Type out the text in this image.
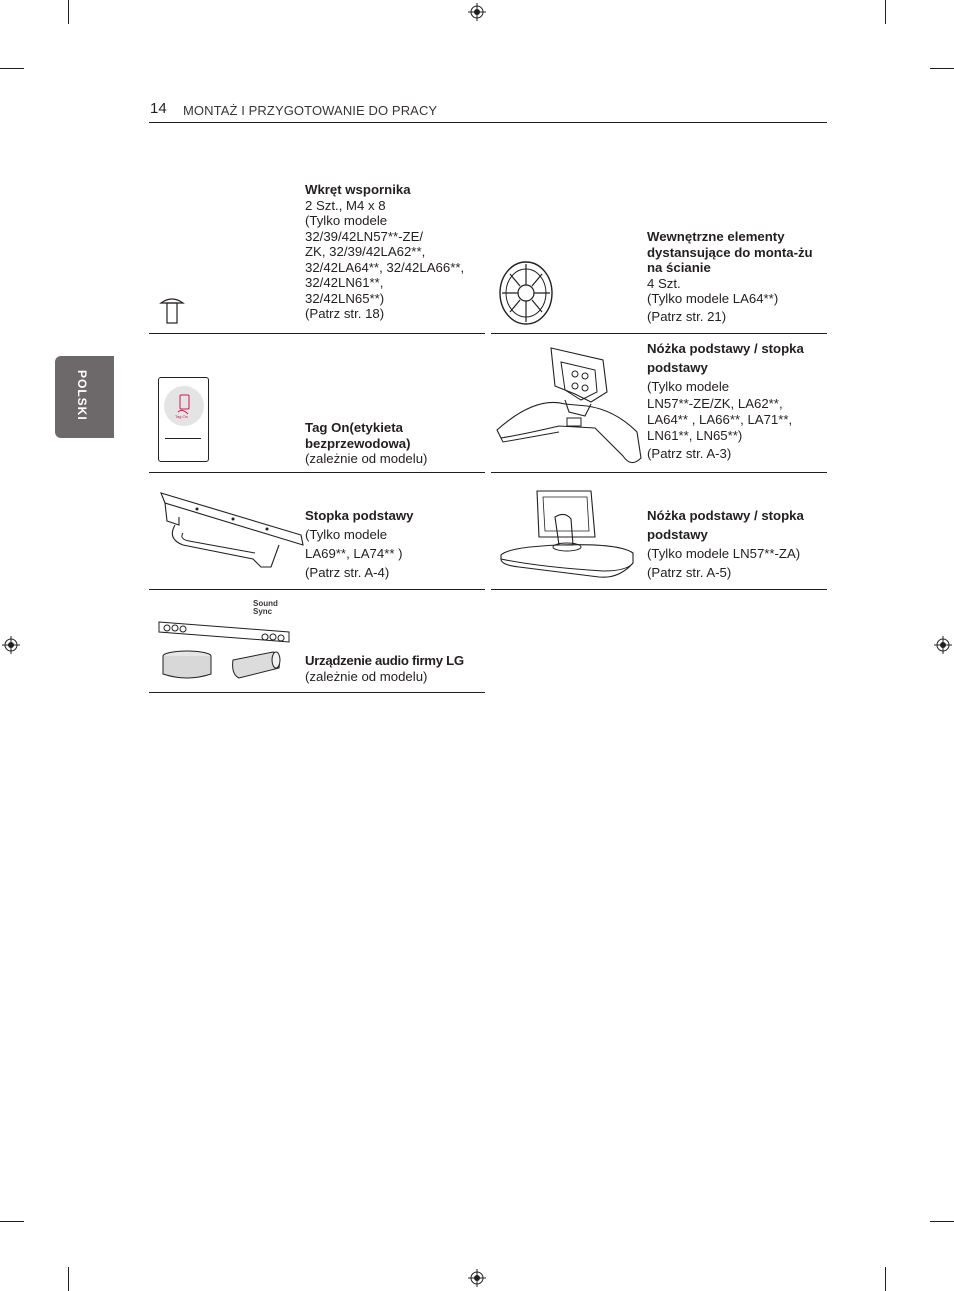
14 MONTAŻ I PRZYGOTOWANIE DO PRACY
POLSKI
Wkręt wspornika
2 Szt., M4 x 8
(Tylko modele
32/39/42LN57**-ZE/
ZK, 32/39/42LA62**,
32/42LA64**, 32/42LA66**,
32/42LN61**,
32/42LN65**)
(Patrz str. 18)
Wewnętrzne elementy dystansujące do monta-żu na ścianie
4 Szt.
(Tylko modele LA64**)
(Patrz str. 21)
Tag On
Tag On(etykieta bezprzewodowa)
(zależnie od modelu)
Nóżka podstawy / stopka podstawy
(Tylko modele
LN57**-ZE/ZK, LA62**,
LA64** , LA66**, LA71**,
LN61**, LN65**)
(Patrz str. A-3)
Stopka podstawy
(Tylko modele
LA69**, LA74** )
(Patrz str. A-4)
Nóżka podstawy / stopka podstawy
(Tylko modele LN57**-ZA)
(Patrz str. A-5)
Sound Sync
Urządzenie audio firmy LG
(zależnie od modelu)
